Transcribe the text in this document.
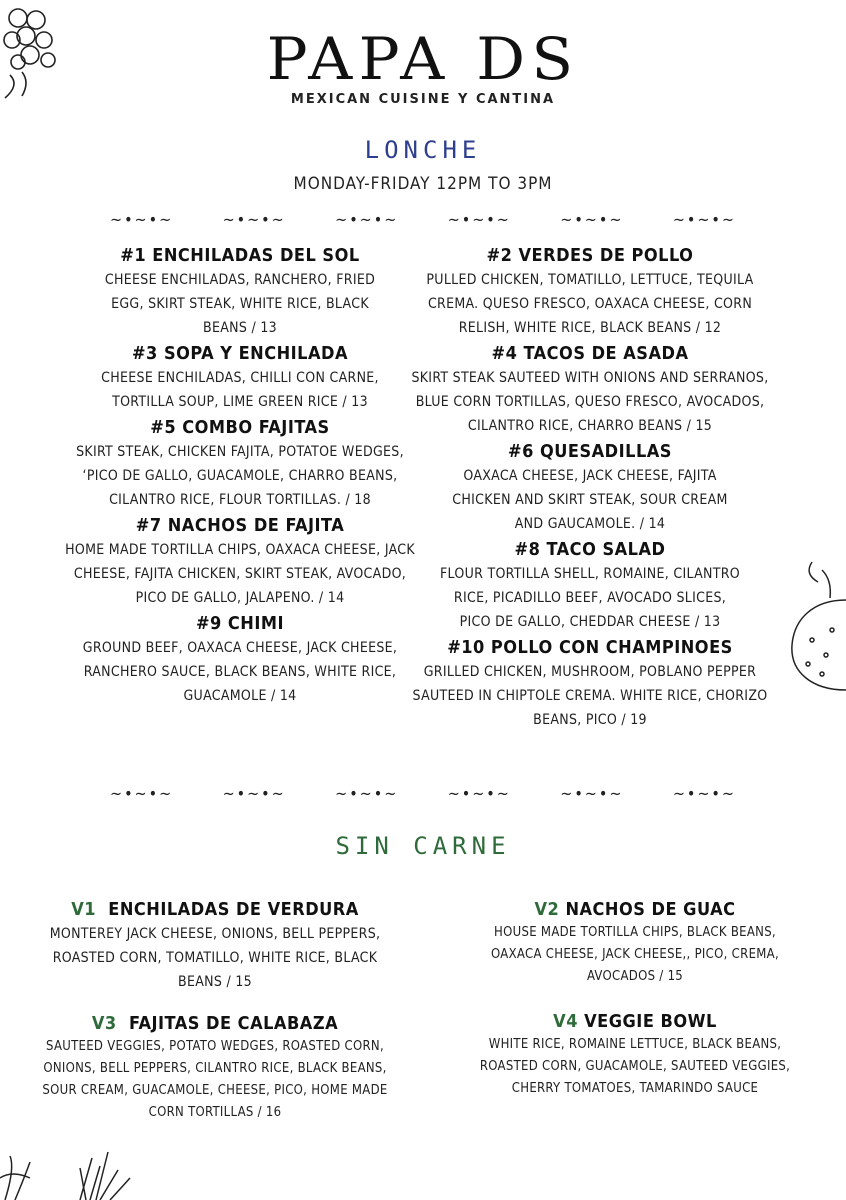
PAPA DS
MEXICAN CUISINE Y CANTINA
LONCHE
MONDAY-FRIDAY 12PM TO 3PM
~•~•~	~•~•~	~•~•~	~•~•~	~•~•~	~•~•~
#1 ENCHILADAS DEL SOL
CHEESE ENCHILADAS, RANCHERO, FRIED
EGG, SKIRT STEAK, WHITE RICE, BLACK
BEANS / 13
#3 SOPA Y ENCHILADA
CHEESE ENCHILADAS, CHILLI CON CARNE,
TORTILLA SOUP, LIME GREEN RICE / 13
#5 COMBO FAJITAS
SKIRT STEAK, CHICKEN FAJITA, POTATOE WEDGES,
‘PICO DE GALLO, GUACAMOLE, CHARRO BEANS,
CILANTRO RICE, FLOUR TORTILLAS. / 18
#7 NACHOS DE FAJITA
HOME MADE TORTILLA CHIPS, OAXACA CHEESE, JACK
CHEESE, FAJITA CHICKEN, SKIRT STEAK, AVOCADO,
PICO DE GALLO, JALAPENO. / 14
#9 CHIMI
GROUND BEEF, OAXACA CHEESE, JACK CHEESE,
RANCHERO SAUCE, BLACK BEANS, WHITE RICE,
GUACAMOLE / 14
#2 VERDES DE POLLO
PULLED CHICKEN, TOMATILLO, LETTUCE, TEQUILA
CREMA. QUESO FRESCO, OAXACA CHEESE, CORN
RELISH, WHITE RICE, BLACK BEANS / 12
#4 TACOS DE ASADA
SKIRT STEAK SAUTEED WITH ONIONS AND SERRANOS,
BLUE CORN TORTILLAS, QUESO FRESCO, AVOCADOS,
CILANTRO RICE, CHARRO BEANS / 15
#6 QUESADILLAS
OAXACA CHEESE, JACK CHEESE, FAJITA
CHICKEN AND SKIRT STEAK, SOUR CREAM
AND GAUCAMOLE. / 14
#8 TACO SALAD
FLOUR TORTILLA SHELL, ROMAINE, CILANTRO
RICE, PICADILLO BEEF, AVOCADO SLICES,
PICO DE GALLO, CHEDDAR CHEESE / 13
#10 POLLO CON CHAMPINOES
GRILLED CHICKEN, MUSHROOM, POBLANO PEPPER
SAUTEED IN CHIPTOLE CREMA. WHITE RICE, CHORIZO
BEANS, PICO / 19
~•~•~	~•~•~	~•~•~	~•~•~	~•~•~	~•~•~
SIN CARNE
V1 ENCHILADAS DE VERDURA
MONTEREY JACK CHEESE, ONIONS, BELL PEPPERS,
ROASTED CORN, TOMATILLO, WHITE RICE, BLACK
BEANS / 15
V2 NACHOS DE GUAC
HOUSE MADE TORTILLA CHIPS, BLACK BEANS,
OAXACA CHEESE, JACK CHEESE,, PICO, CREMA,
AVOCADOS / 15
V3 FAJITAS DE CALABAZA
SAUTEED VEGGIES, POTATO WEDGES, ROASTED CORN,
ONIONS, BELL PEPPERS, CILANTRO RICE, BLACK BEANS,
SOUR CREAM, GUACAMOLE, CHEESE, PICO, HOME MADE
CORN TORTILLAS / 16
V4 VEGGIE BOWL
WHITE RICE, ROMAINE LETTUCE, BLACK BEANS,
ROASTED CORN, GUACAMOLE, SAUTEED VEGGIES,
CHERRY TOMATOES, TAMARINDO SAUCE
